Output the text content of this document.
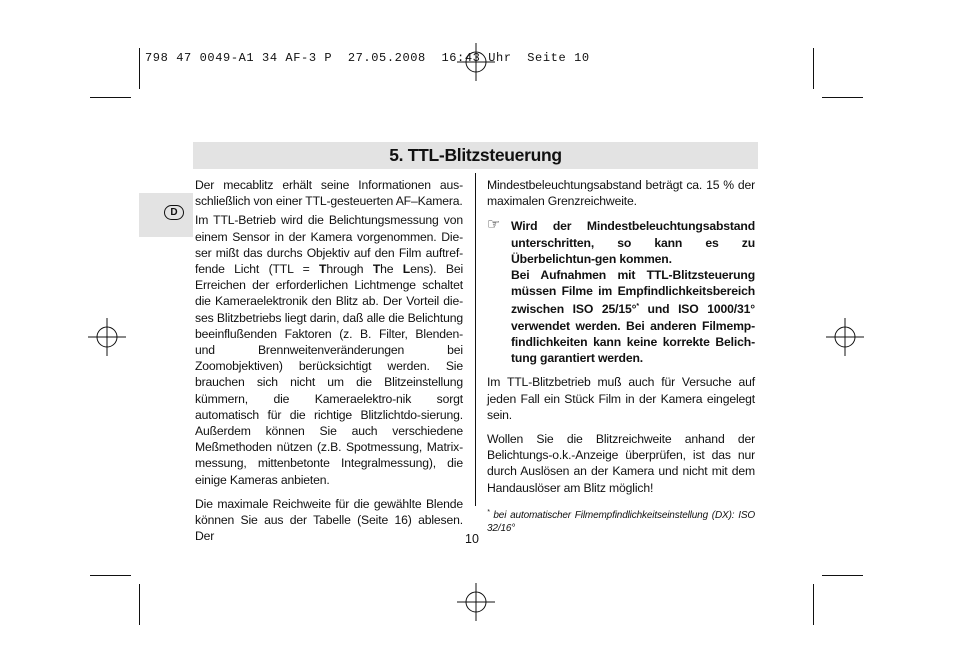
798 47 0049-A1 34 AF-3 P  27.05.2008  16:43 Uhr  Seite 10
5. TTL-Blitzsteuerung
D

Der mecablitz erhält seine Informationen aus-schließlich von einer TTL-gesteuerten AF–Kamera.

Im TTL-Betrieb wird die Belichtungsmessung von einem Sensor in der Kamera vorgenommen. Die-ser mißt das durchs Objektiv auf den Film auftref-fende Licht (TTL = Through The Lens). Bei Erreichen der erforderlichen Lichtmenge schaltet die Kameraelektronik den Blitz ab. Der Vorteil die-ses Blitzbetriebs liegt darin, daß alle die Belichtung beeinflußenden Faktoren (z. B. Filter, Blenden- und Brennweitenveränderungen bei Zoomobjektiven) berücksichtigt werden. Sie brauchen sich nicht um die Blitzeinstellung kümmern, die Kameraelektro-nik sorgt automatisch für die richtige Blitzlichtdo-sierung. Außerdem können Sie auch verschiedene Meßmethoden nützen (z.B. Spotmessung, Matrix-messung, mittenbetonte Integralmessung), die einige Kameras anbieten.

Die maximale Reichweite für die gewählte Blende können Sie aus der Tabelle (Seite 16) ablesen. Der

Mindestbeleuchtungsabstand beträgt ca. 15 % der maximalen Grenzreichweite.

☞ Wird der Mindestbeleuchtungsabstand unterschritten, so kann es zu Überbelichtun-gen kommen.

Bei Aufnahmen mit TTL-Blitzsteuerung müssen Filme im Empfindlichkeitsbereich zwischen ISO 25/15°* und ISO 1000/31° verwendet werden. Bei anderen Filmemp-findlichkeiten kann keine korrekte Belich-tung garantiert werden.

Im TTL-Blitzbetrieb muß auch für Versuche auf jeden Fall ein Stück Film in der Kamera eingelegt sein.

Wollen Sie die Blitzreichweite anhand der Belichtungs-o.k.-Anzeige überprüfen, ist das nur durch Auslösen an der Kamera und nicht mit dem Handauslöser am Blitz möglich!

* bei automatischer Filmempfindlichkeitseinstellung (DX): ISO 32/16°

10
